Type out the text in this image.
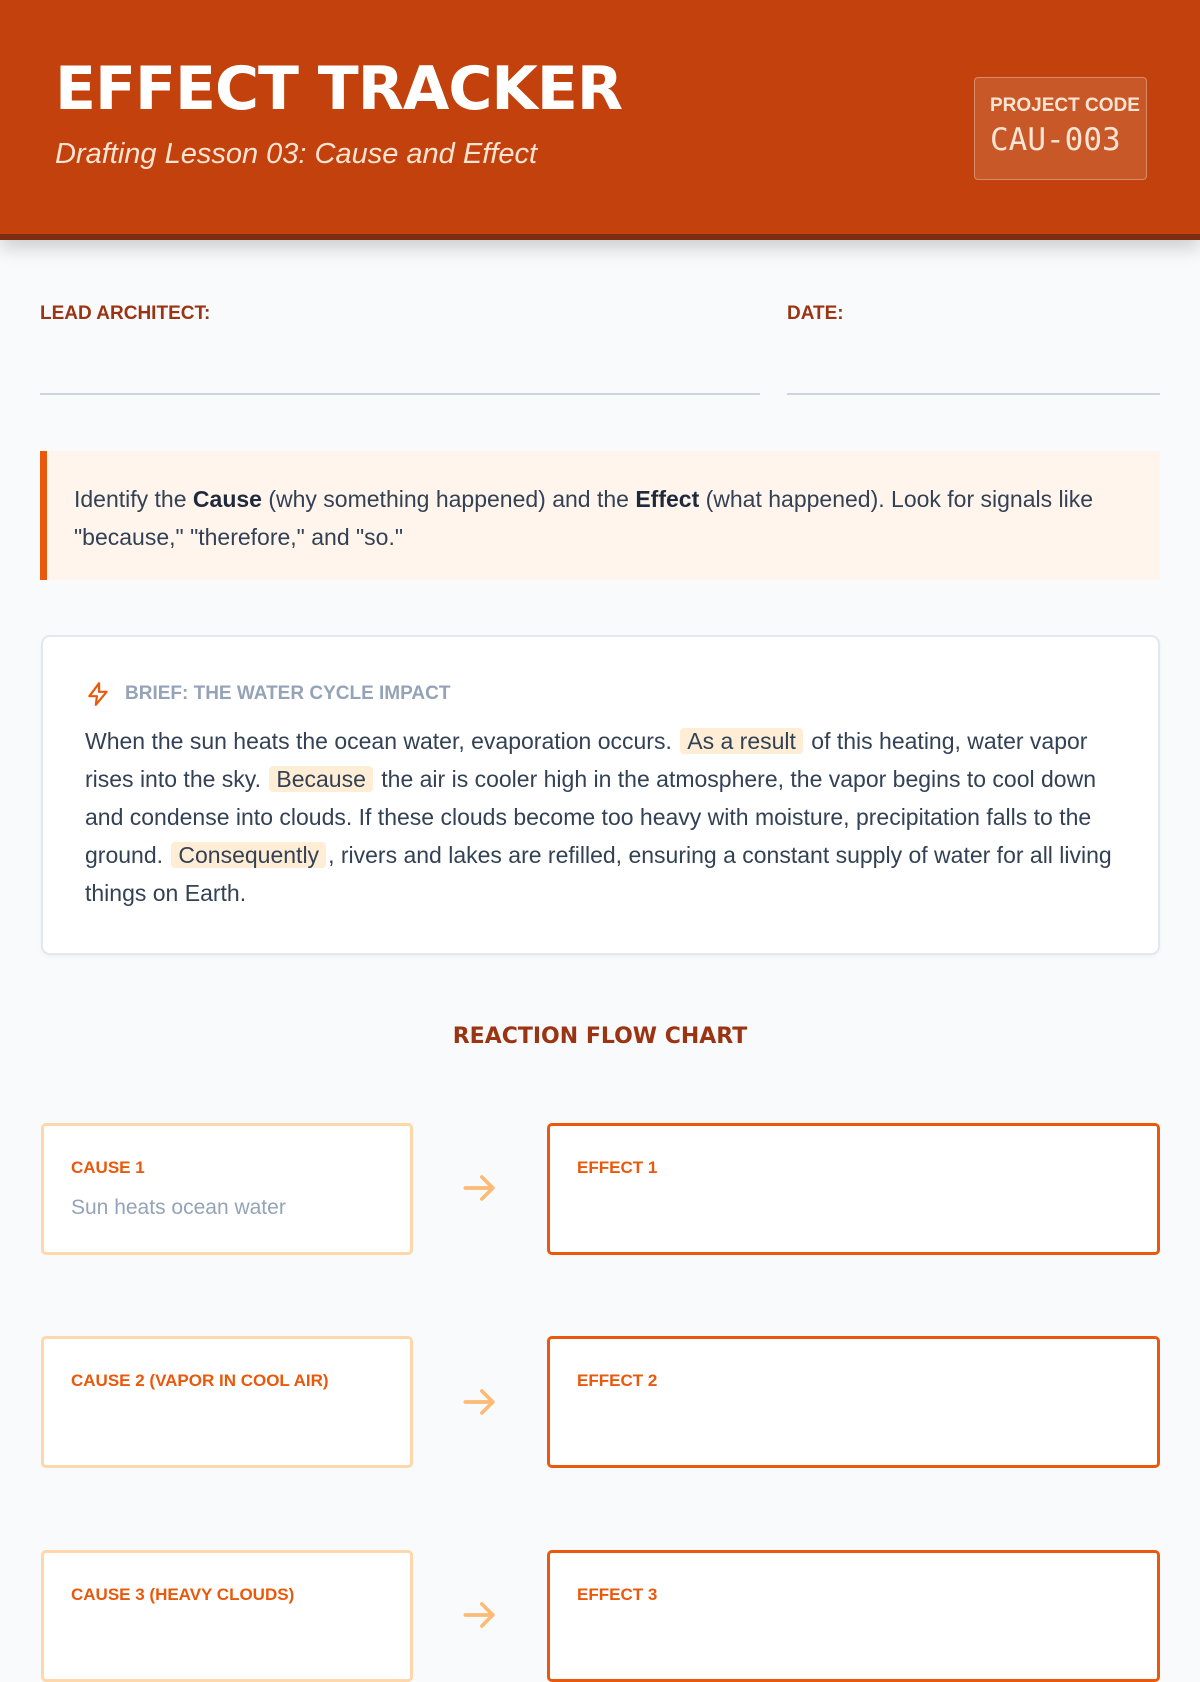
EFFECT TRACKER
Drafting Lesson 03: Cause and Effect
PROJECT CODE
CAU-003
LEAD ARCHITECT:	DATE:
Identify the Cause (why something happened) and the Effect (what happened). Look for signals like "because," "therefore," and "so."
BRIEF: THE WATER CYCLE IMPACT
When the sun heats the ocean water, evaporation occurs. As a result of this heating, water vapor rises into the sky. Because the air is cooler high in the atmosphere, the vapor begins to cool down and condense into clouds. If these clouds become too heavy with moisture, precipitation falls to the ground. Consequently , rivers and lakes are refilled, ensuring a constant supply of water for all living things on Earth.
REACTION FLOW CHART
CAUSE 1
Sun heats ocean water
EFFECT 1
CAUSE 2 (VAPOR IN COOL AIR)	EFFECT 2
CAUSE 3 (HEAVY CLOUDS)	EFFECT 3
